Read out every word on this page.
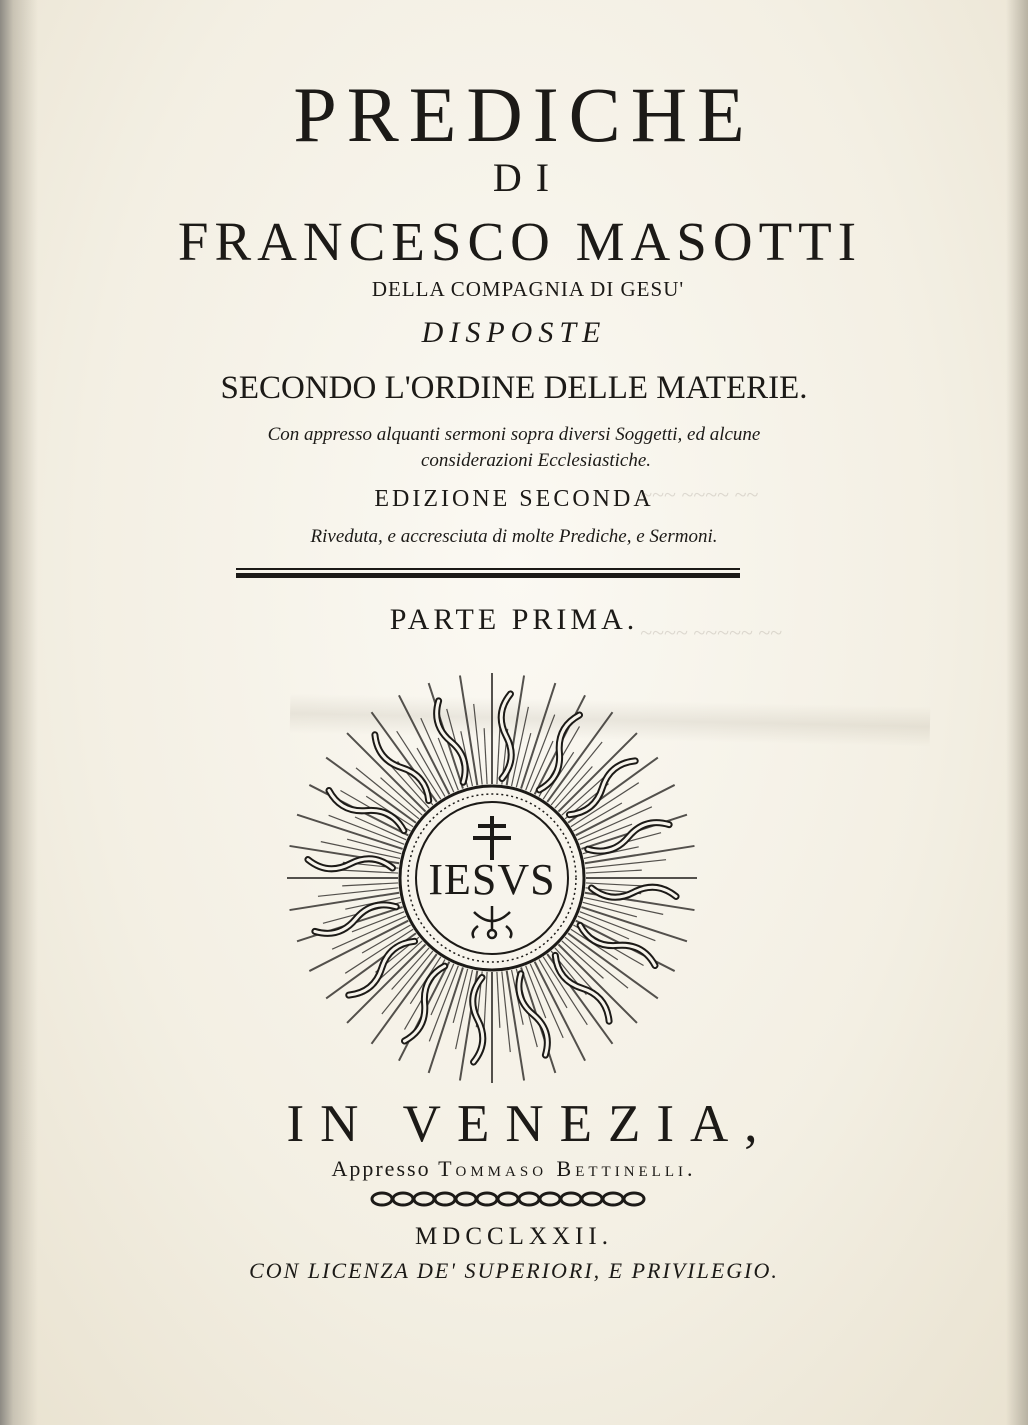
~~~ ~~~~ ~~
~~~~ ~~~~~ ~~
PREDICHE
DI
FRANCESCO MASOTTI
DELLA COMPAGNIA DI GESU'
DISPOSTE
SECONDO L'ORDINE DELLE MATERIE.
Con appresso alquanti sermoni sopra diversi Soggetti, ed alcune
considerazioni Ecclesiastiche.
EDIZIONE SECONDA
Riveduta, e accresciuta di molte Prediche, e Sermoni.
PARTE PRIMA.
IESVS
IN VENEZIA,
Appresso Tommaso Bettinelli.
MDCCLXXII.
CON LICENZA DE' SUPERIORI, E PRIVILEGIO.
